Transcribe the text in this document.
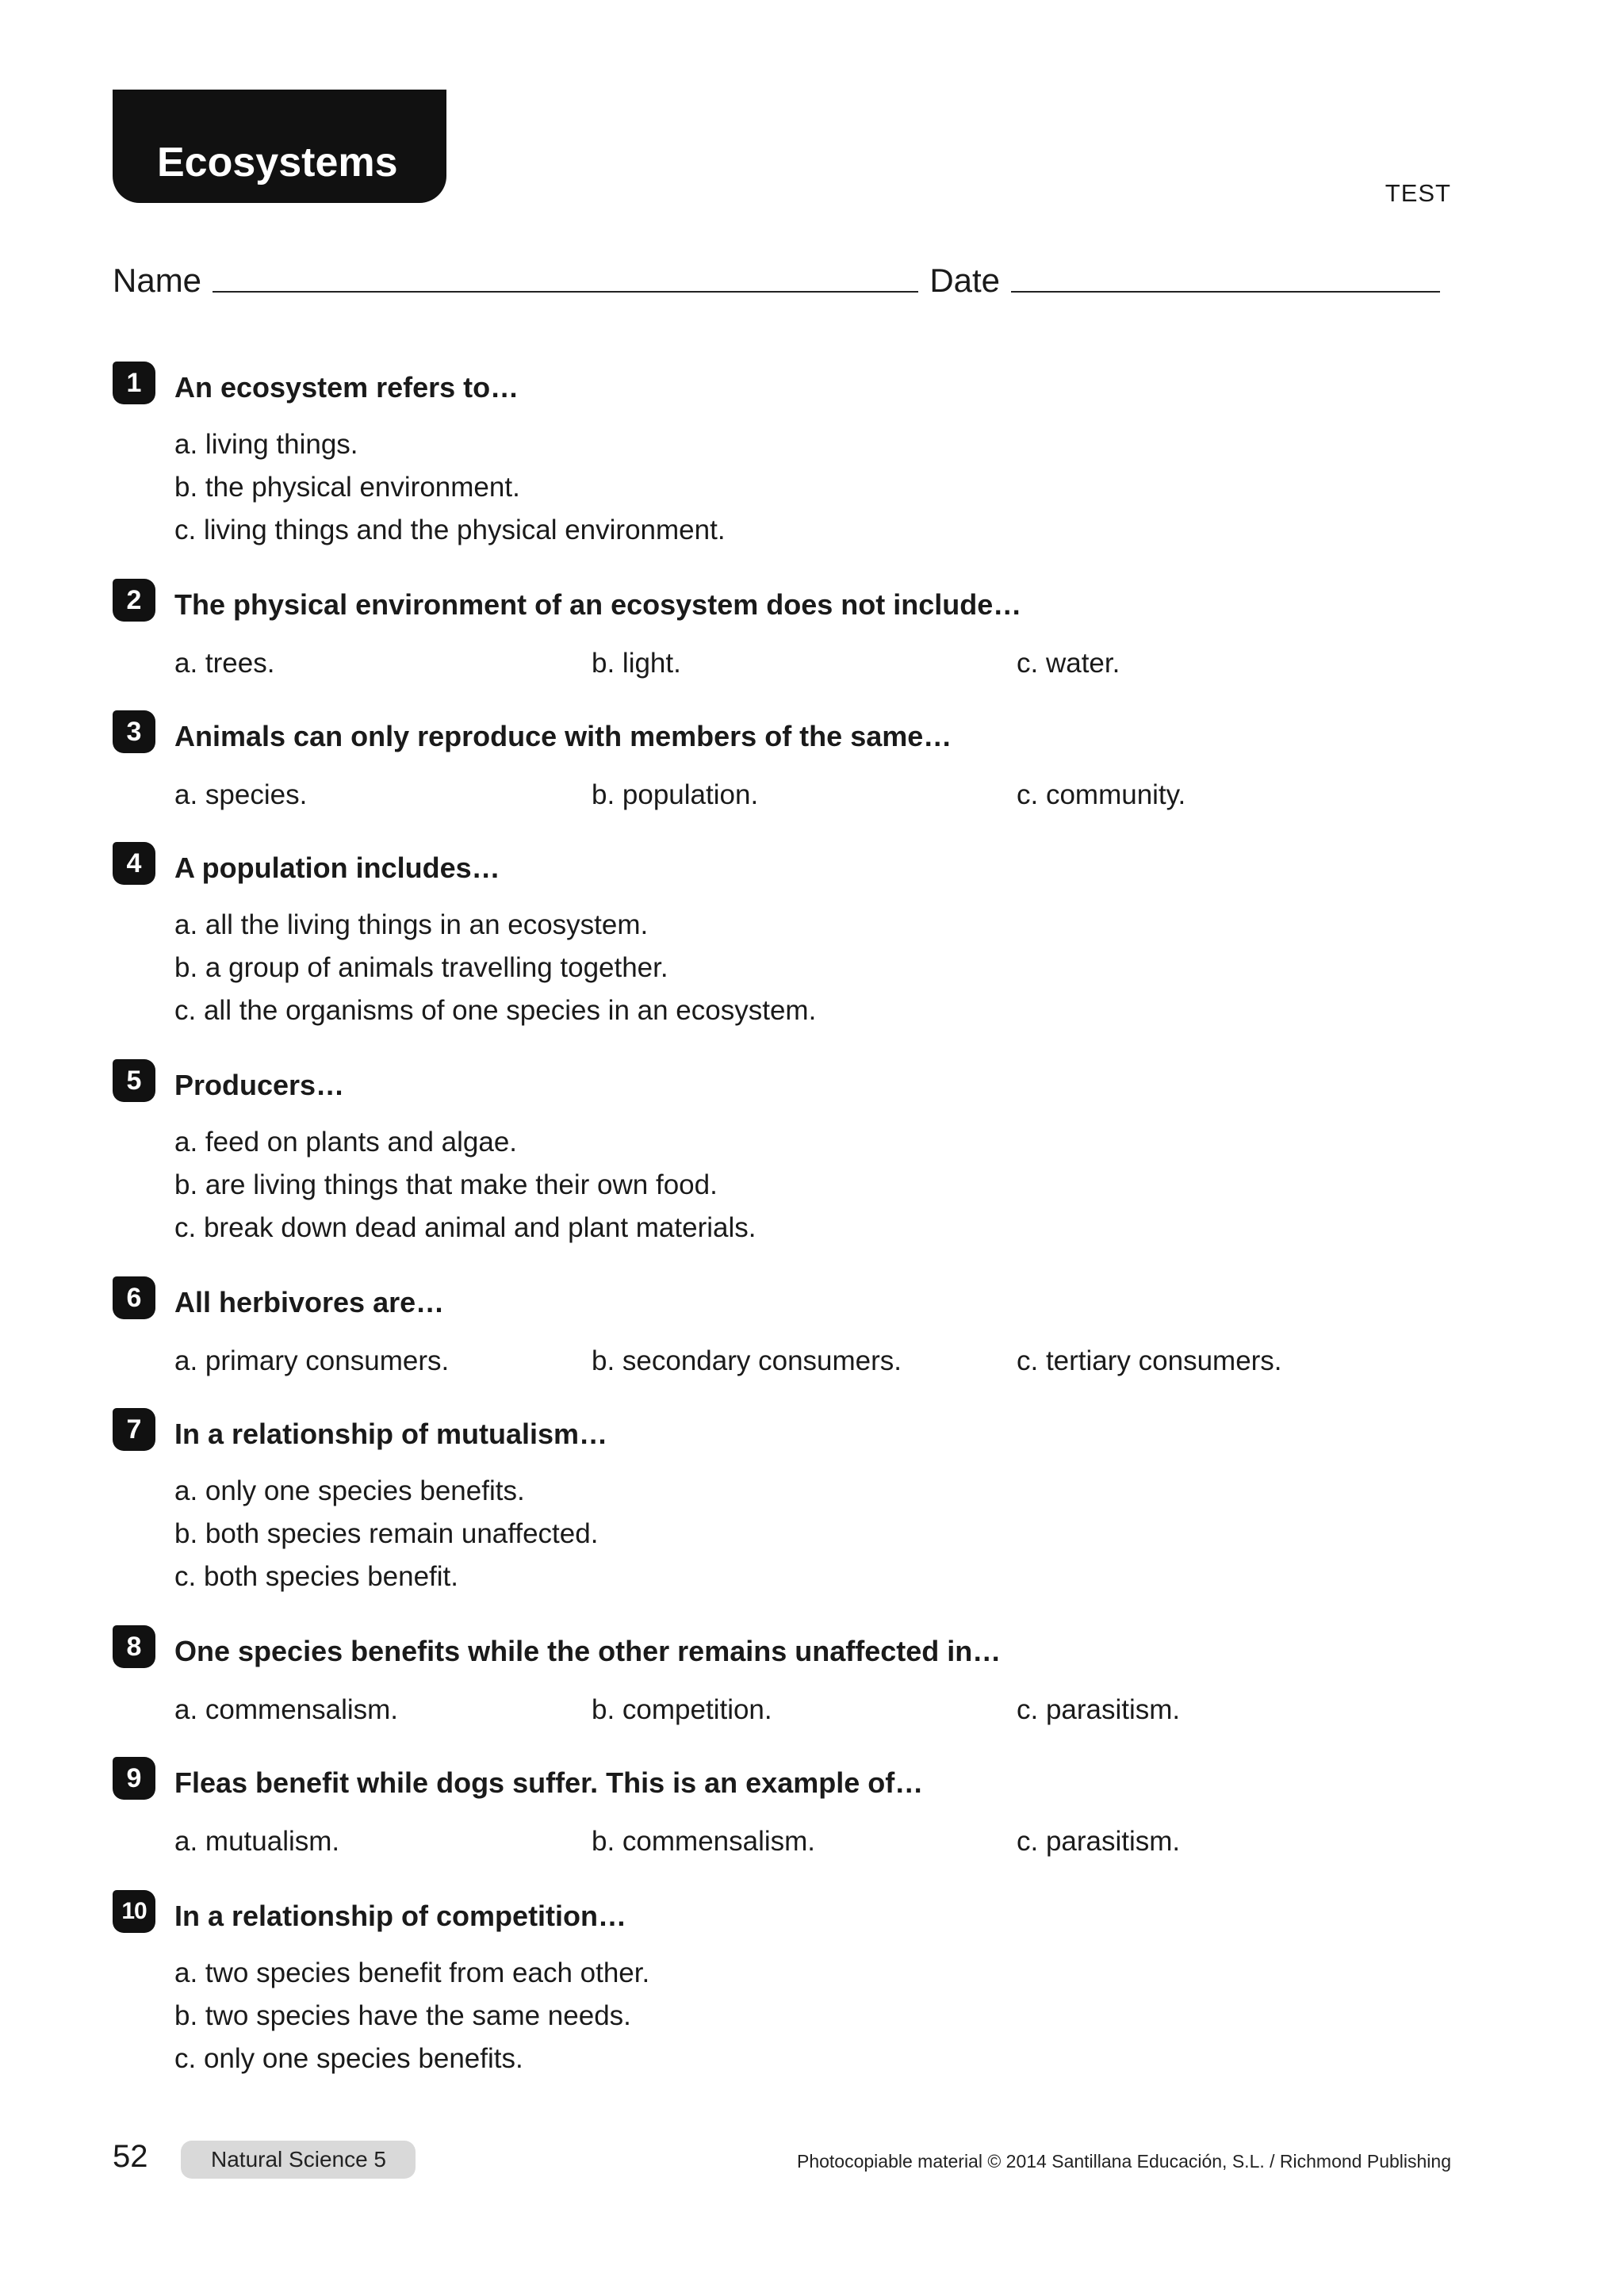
Ecosystems
TEST
Name	Date
1	An ecosystem refers to…
a. living things.
b. the physical environment.
c. living things and the physical environment.
2	The physical environment of an ecosystem does not include…
a. trees.	b. light.	c. water.
3	Animals can only reproduce with members of the same…
a. species.	b. population.	c. community.
4	A population includes…
a. all the living things in an ecosystem.
b. a group of animals travelling together.
c. all the organisms of one species in an ecosystem.
5	Producers…
a. feed on plants and algae.
b. are living things that make their own food.
c. break down dead animal and plant materials.
6	All herbivores are…
a. primary consumers.	b. secondary consumers.	c. tertiary consumers.
7	In a relationship of mutualism…
a. only one species benefits.
b. both species remain unaffected.
c. both species benefit.
8	One species benefits while the other remains unaffected in…
a. commensalism.	b. competition.	c. parasitism.
9	Fleas benefit while dogs suffer. This is an example of…
a. mutualism.	b. commensalism.	c. parasitism.
10 In a relationship of competition…
a. two species benefit from each other.
b. two species have the same needs.
c. only one species benefits.
52	Natural Science 5	Photocopiable material © 2014 Santillana Educación, S.L. / Richmond Publishing
